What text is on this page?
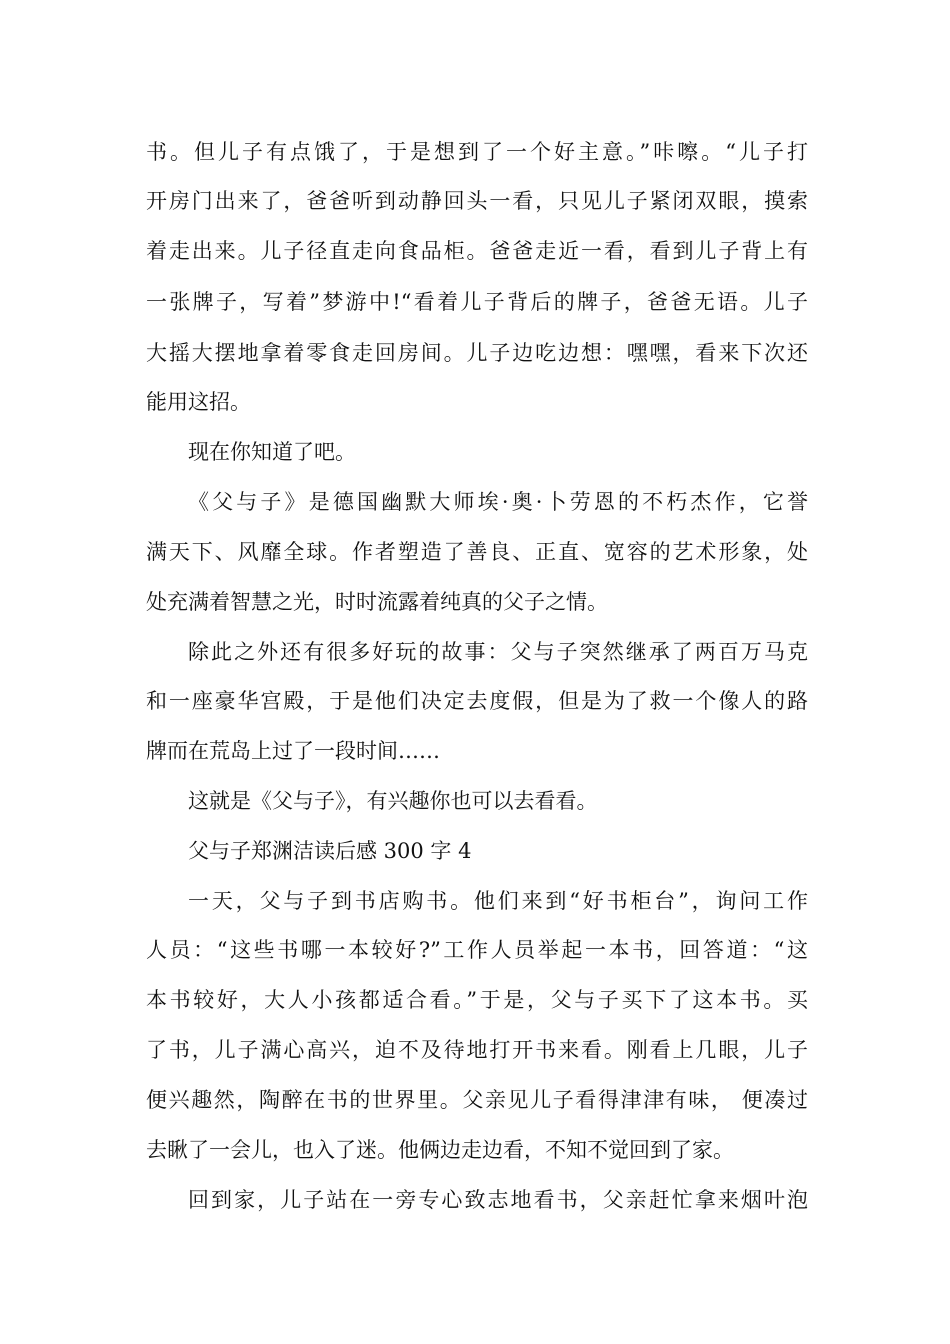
书。但儿子有点饿了，于是想到了一个好主意。”咔嚓。“儿子打
开房门出来了，爸爸听到动静回头一看，只见儿子紧闭双眼，摸索
着走出来。儿子径直走向食品柜。爸爸走近一看，看到儿子背上有
一张牌子，写着”梦游中!“看着儿子背后的牌子，爸爸无语。儿子
大摇大摆地拿着零食走回房间。儿子边吃边想：嘿嘿，看来下次还
能用这招。
现在你知道了吧。
《父与子》是德国幽默大师埃·奥·卜劳恩的不朽杰作，它誉
满天下、风靡全球。作者塑造了善良、正直、宽容的艺术形象，处
处充满着智慧之光，时时流露着纯真的父子之情。
除此之外还有很多好玩的故事：父与子突然继承了两百万马克
和一座豪华宫殿，于是他们决定去度假，但是为了救一个像人的路
牌而在荒岛上过了一段时间……
这就是《父与子》，有兴趣你也可以去看看。
父与子郑渊洁读后感 300 字 4
一天，父与子到书店购书。他们来到“好书柜台”，询问工作
人员：“这些书哪一本较好?”工作人员举起一本书，回答道：“这
本书较好，大人小孩都适合看。”于是，父与子买下了这本书。买
了书，儿子满心高兴，迫不及待地打开书来看。刚看上几眼，儿子
便兴趣然，陶醉在书的世界里。父亲见儿子看得津津有味， 便凑过
去瞅了一会儿，也入了迷。他俩边走边看，不知不觉回到了家。
回到家，儿子站在一旁专心致志地看书，父亲赶忙拿来烟叶泡
